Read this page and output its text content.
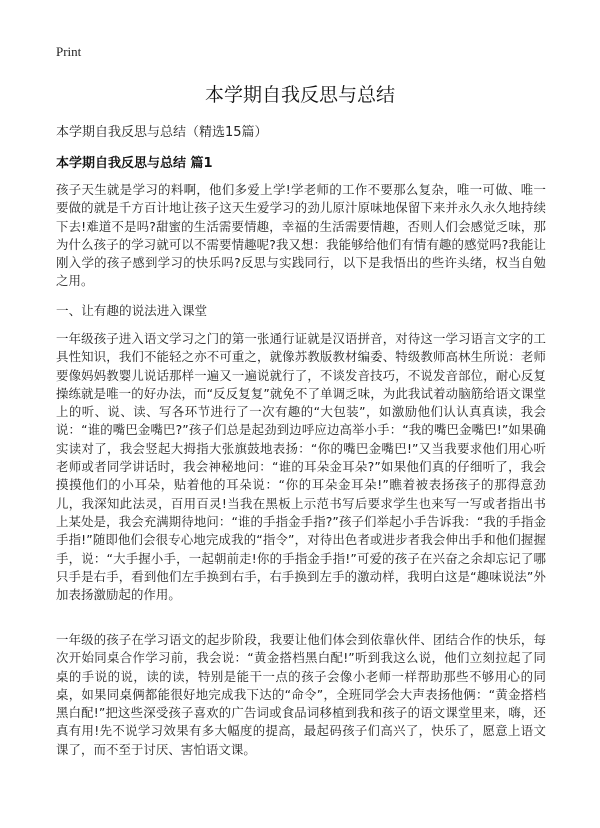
Print
本学期自我反思与总结
本学期自我反思与总结（精选15篇）
本学期自我反思与总结 篇1

孩子天生就是学习的料啊，他们多爱上学!学老师的工作不要那么复杂，唯一可做、唯一要做的就是千方百计地让孩子这天生爱学习的劲儿原汁原味地保留下来并永久永久地持续下去!难道不是吗?甜蜜的生活需要情趣，幸福的生活需要情趣，否则人们会感觉乏味，那为什么孩子的学习就可以不需要情趣呢?我又想：我能够给他们有情有趣的感觉吗?我能让刚入学的孩子感到学习的快乐吗?反思与实践同行，以下是我悟出的些许头绪，权当自勉之用。

一、让有趣的说法进入课堂

一年级孩子进入语文学习之门的第一张通行证就是汉语拼音，对待这一学习语言文字的工具性知识，我们不能轻之亦不可重之，就像苏教版教材编委、特级教师高林生所说：老师要像妈妈教婴儿说话那样一遍又一遍说就行了，不谈发音技巧，不说发音部位，耐心反复操练就是唯一的好办法，而“反反复复”就免不了单调乏味，为此我试着动脑筋给语文课堂上的听、说、读、写各环节进行了一次有趣的“大包装”，如激励他们认认真真读，我会说：“谁的嘴巴金嘴巴?”孩子们总是起劲到边呼应边高举小手：“我的嘴巴金嘴巴!”如果确实读对了，我会竖起大拇指大张旗鼓地表扬：“你的嘴巴金嘴巴!”又当我要求他们用心听老师或者同学讲话时，我会神秘地问：“谁的耳朵金耳朵?”如果他们真的仔细听了，我会摸摸他们的小耳朵，贴着他的耳朵说：“你的耳朵金耳朵!”瞧着被表扬孩子的那得意劲儿，我深知此法灵，百用百灵!当我在黑板上示范书写后要求学生也来写一写或者指出书上某处是，我会充满期待地问：“谁的手指金手指?”孩子们举起小手告诉我：“我的手指金手指!”随即他们会很专心地完成我的“指令”，对待出色者或进步者我会伸出手和他们握握手，说：“大手握小手，一起朝前走!你的手指金手指!”可爱的孩子在兴奋之余却忘记了哪只手是右手，看到他们左手换到右手，右手换到左手的激动样，我明白这是“趣味说法”外加表扬激励起的作用。

一年级的孩子在学习语文的起步阶段，我要让他们体会到依靠伙伴、团结合作的快乐，每次开始同桌合作学习前，我会说：“黄金搭档黑白配!”听到我这么说，他们立刻拉起了同桌的手说的说，读的读，特别是能干一点的孩子会像小老师一样帮助那些不够用心的同桌，如果同桌俩都能很好地完成我下达的“命令”，全班同学会大声表扬他俩：“黄金搭档黑白配!”把这些深受孩子喜欢的广告词或食品词移植到我和孩子的语文课堂里来，嗨，还真有用!先不说学习效果有多大幅度的提高，最起码孩子们高兴了，快乐了，愿意上语文课了，而不至于讨厌、害怕语文课。
